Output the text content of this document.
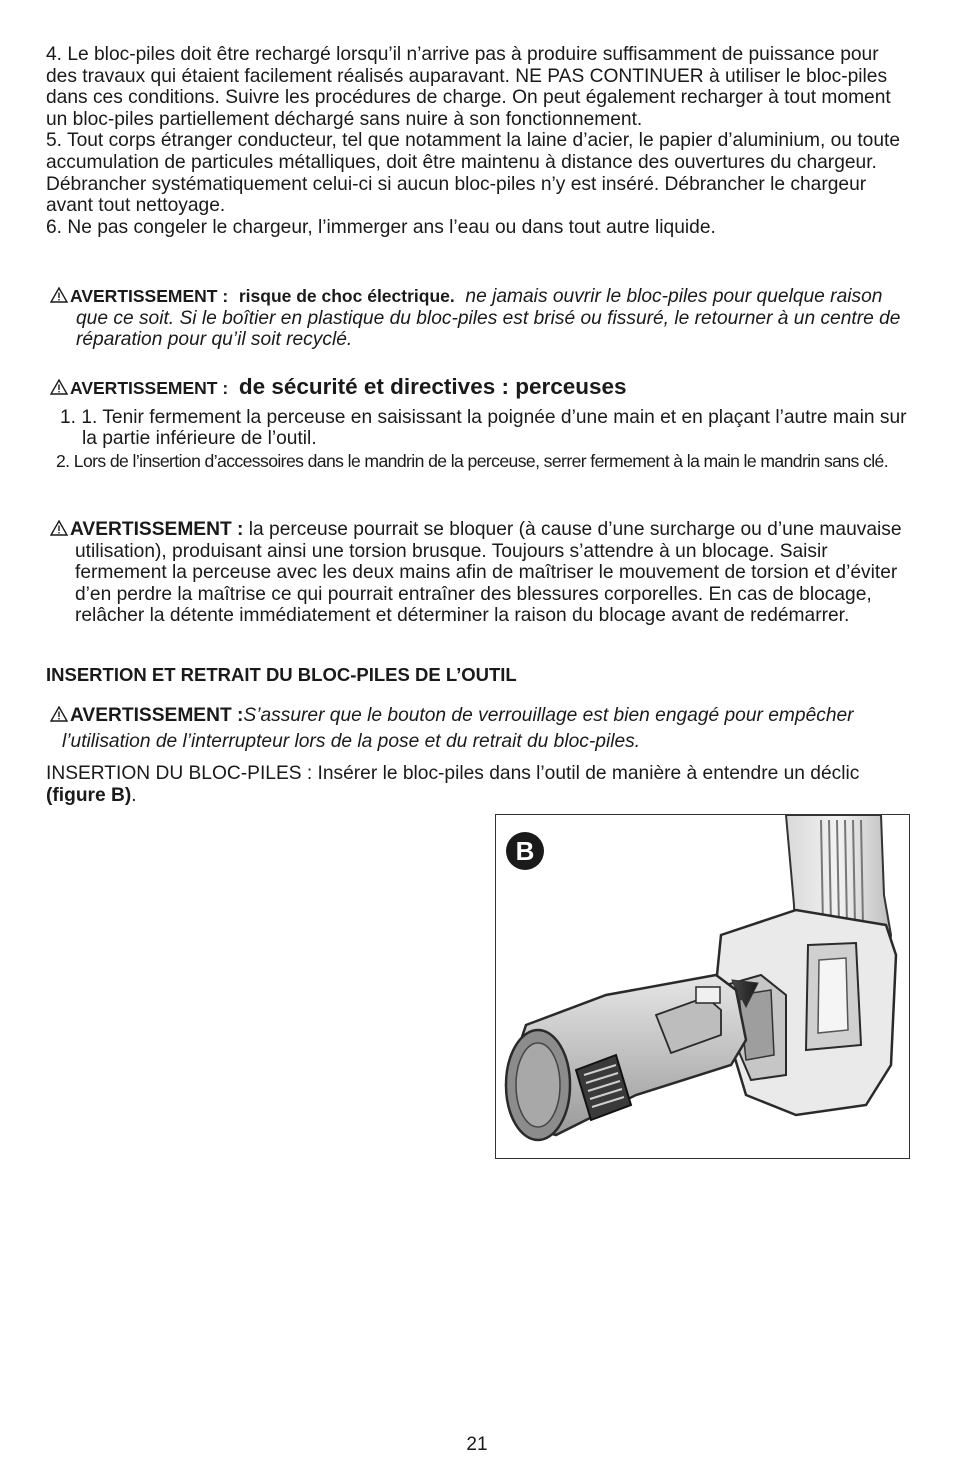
4. Le bloc-piles doit être rechargé lorsqu’il n’arrive pas à produire suffisamment de puissance pour des travaux qui étaient facilement réalisés auparavant. NE PAS CONTINUER à utiliser le bloc-piles dans ces conditions. Suivre les procédures de charge. On peut également recharger à tout moment un bloc-piles partiellement déchargé sans nuire à son fonctionnement.

5. Tout corps étranger conducteur, tel que notamment la laine d’acier, le papier d’aluminium, ou toute accumulation de particules métalliques, doit être maintenu à distance des ouvertures du chargeur. Débrancher systématiquement celui-ci si aucun bloc-piles n’y est inséré. Débrancher le chargeur avant tout nettoyage.

6. Ne pas congeler le chargeur, l’immerger ans l’eau ou dans tout autre liquide.

AVERTISSEMENT : risque de choc électrique. ne jamais ouvrir le bloc-piles pour quelque raison que ce soit. Si le boîtier en plastique du bloc-piles est brisé ou fissuré, le retourner à un centre de réparation pour qu’il soit recyclé.

AVERTISSEMENT : de sécurité et directives : perceuses

1. 1. Tenir fermement la perceuse en saisissant la poignée d’une main et en plaçant l’autre main sur la partie inférieure de l’outil.

2. Lors de l’insertion d’accessoires dans le mandrin de la perceuse, serrer fermement à la main le mandrin sans clé.

AVERTISSEMENT : la perceuse pourrait se bloquer (à cause d’une surcharge ou d’une mauvaise utilisation), produisant ainsi une torsion brusque. Toujours s’attendre à un blocage. Saisir fermement la perceuse avec les deux mains afin de maîtriser le mouvement de torsion et d’éviter d’en perdre la maîtrise ce qui pourrait entraîner des blessures corporelles. En cas de blocage, relâcher la détente immédiatement et déterminer la raison du blocage avant de redémarrer.

INSERTION ET RETRAIT DU BLOC-PILES DE L’OUTIL

AVERTISSEMENT :S’assurer que le bouton de verrouillage est bien engagé pour empêcher l’utilisation de l’interrupteur lors de la pose et du retrait du bloc-piles.

INSERTION DU BLOC-PILES : Insérer le bloc-piles dans l’outil de manière à entendre un déclic (figure B).

B
21
